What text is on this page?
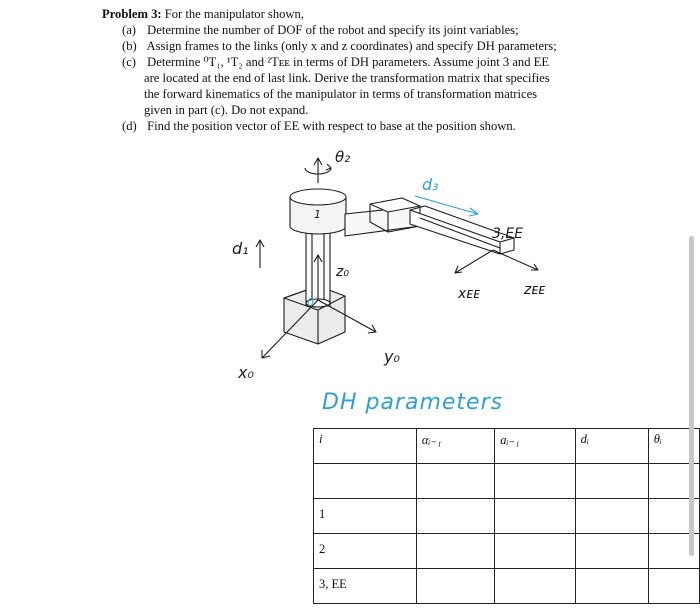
Problem 3: For the manipulator shown,
(a) Determine the number of DOF of the robot and specify its joint variables;
(b) Assign frames to the links (only x and z coordinates) and specify DH parameters;
(c) Determine ⁰T₁, ¹T₂ and ²Tᴇᴇ in terms of DH parameters. Assume joint 3 and EE
are located at the end of last link. Derive the transformation matrix that specifies
the forward kinematics of the manipulator in terms of transformation matrices
given in part (c). Do not expand.
(d) Find the position vector of EE with respect to base at the position shown.
θ₂
d₃
d₁
z₀
x₀
y₀
3,EE
xᴇᴇ	zᴇᴇ
1
0
DH parameters
i	αᵢ₋₁	aᵢ₋₁	dᵢ	θᵢ

1				
2				
3, EE				
